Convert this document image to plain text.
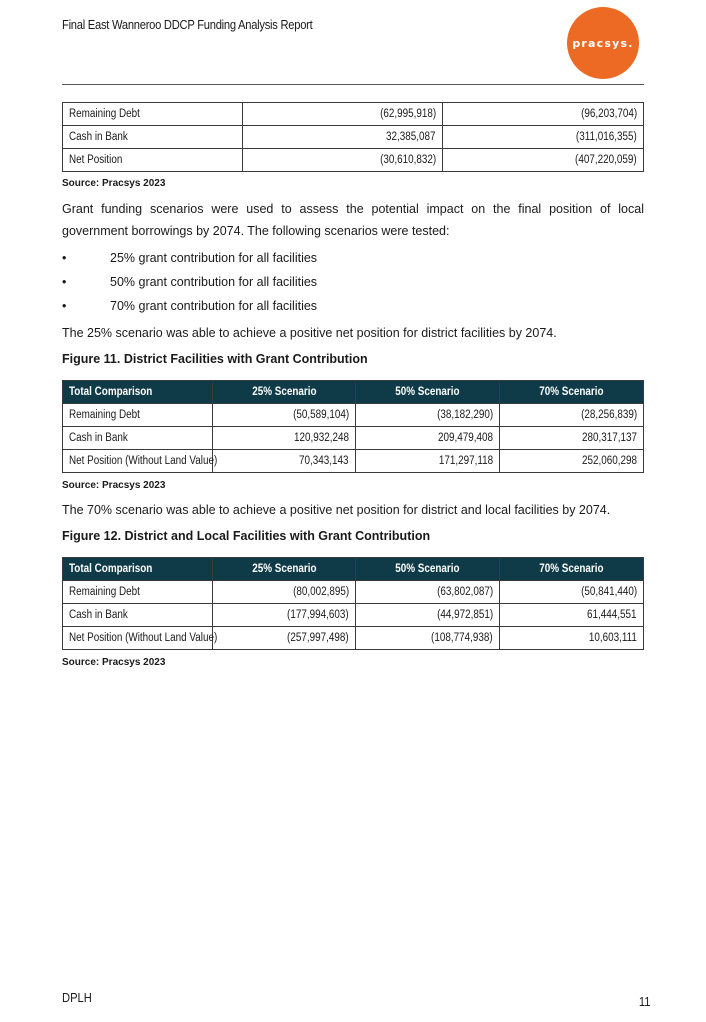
Final East Wanneroo DDCP Funding Analysis Report
pracsys.
Remaining Debt	(62,995,918)	(96,203,704)
Cash in Bank	32,385,087	(311,016,355)
Net Position	(30,610,832)	(407,220,059)
Source: Pracsys 2023
Grant funding scenarios were used to assess the potential impact on the final position of local government borrowings by 2074. The following scenarios were tested:
•	25% grant contribution for all facilities
•	50% grant contribution for all facilities
•	70% grant contribution for all facilities
The 25% scenario was able to achieve a positive net position for district facilities by 2074.
Figure 11. District Facilities with Grant Contribution
Total Comparison	25% Scenario	50% Scenario	70% Scenario
Remaining Debt	(50,589,104)	(38,182,290)	(28,256,839)
Cash in Bank	120,932,248	209,479,408	280,317,137
Net Position (Without Land Value)	70,343,143	171,297,118	252,060,298
Source: Pracsys 2023
The 70% scenario was able to achieve a positive net position for district and local facilities by 2074.
Figure 12. District and Local Facilities with Grant Contribution
Total Comparison	25% Scenario	50% Scenario	70% Scenario
Remaining Debt	(80,002,895)	(63,802,087)	(50,841,440)
Cash in Bank	(177,994,603)	(44,972,851)	61,444,551
Net Position (Without Land Value)	(257,997,498)	(108,774,938)	10,603,111
Source: Pracsys 2023
DPLH	11
